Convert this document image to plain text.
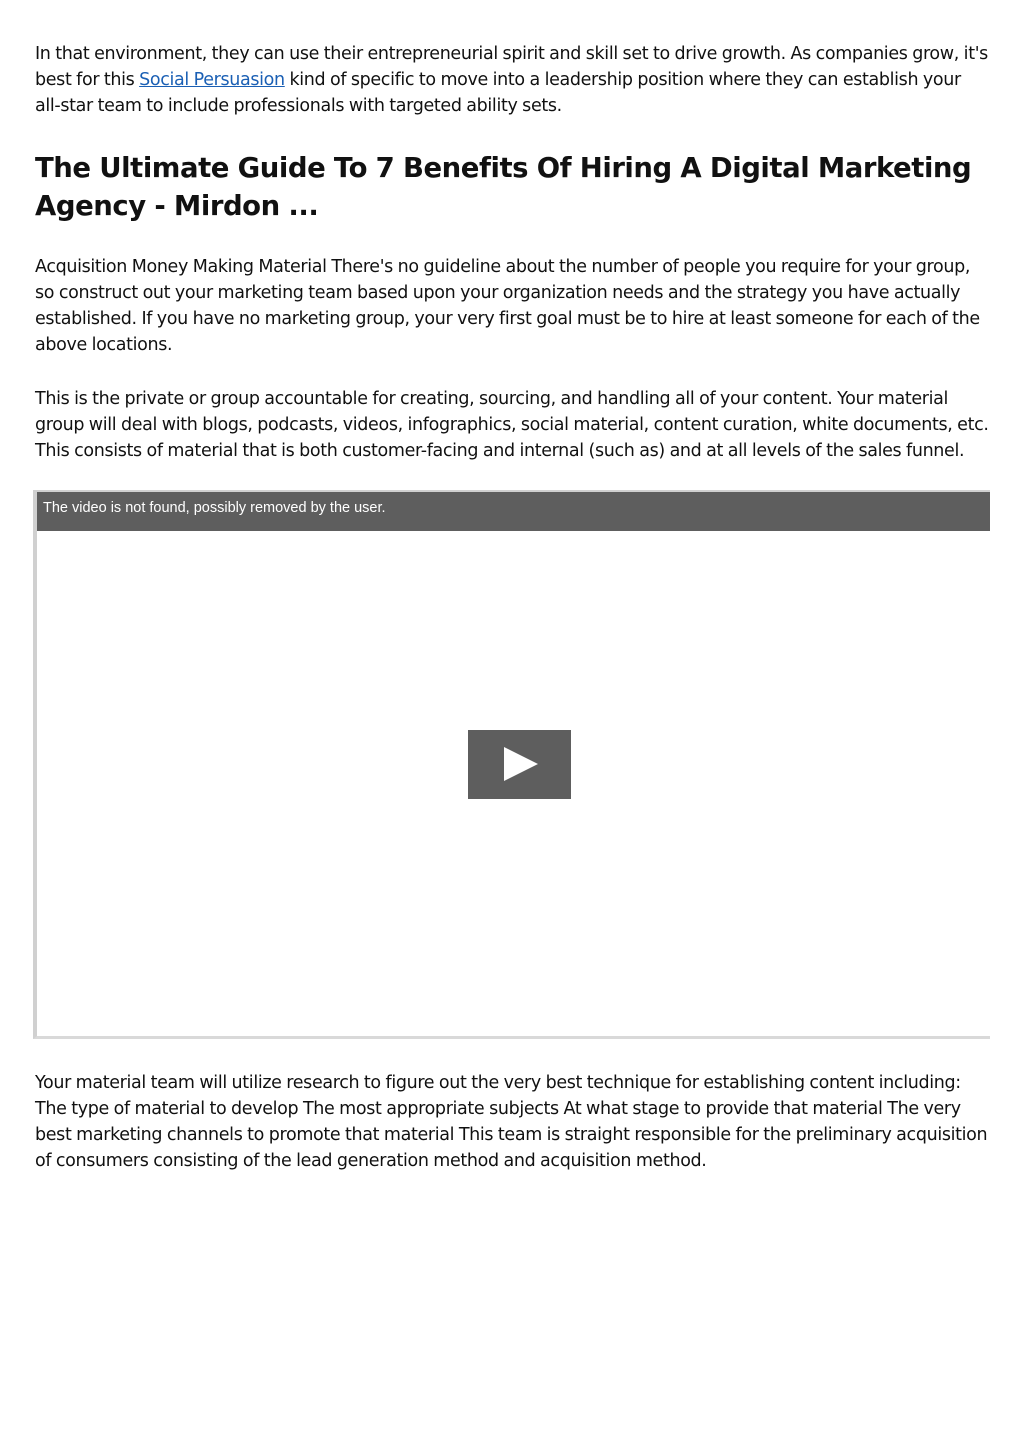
In that environment, they can use their entrepreneurial spirit and skill set to drive growth. As companies grow, it's best for this Social Persuasion kind of specific to move into a leadership position where they can establish your all-star team to include professionals with targeted ability sets.

The Ultimate Guide To 7 Benefits Of Hiring A Digital Marketing Agency - Mirdon ...

Acquisition Money Making Material There's no guideline about the number of people you require for your group, so construct out your marketing team based upon your organization needs and the strategy you have actually established. If you have no marketing group, your very first goal must be to hire at least someone for each of the above locations.

This is the private or group accountable for creating, sourcing, and handling all of your content. Your material group will deal with blogs, podcasts, videos, infographics, social material, content curation, white documents, etc. This consists of material that is both customer-facing and internal (such as) and at all levels of the sales funnel.

Your material team will utilize research to figure out the very best technique for establishing content including: The type of material to develop The most appropriate subjects At what stage to provide that material The very best marketing channels to promote that material This team is straight responsible for the preliminary acquisition of consumers consisting of the lead generation method and acquisition method.

The video is not found, possibly removed by the user.
